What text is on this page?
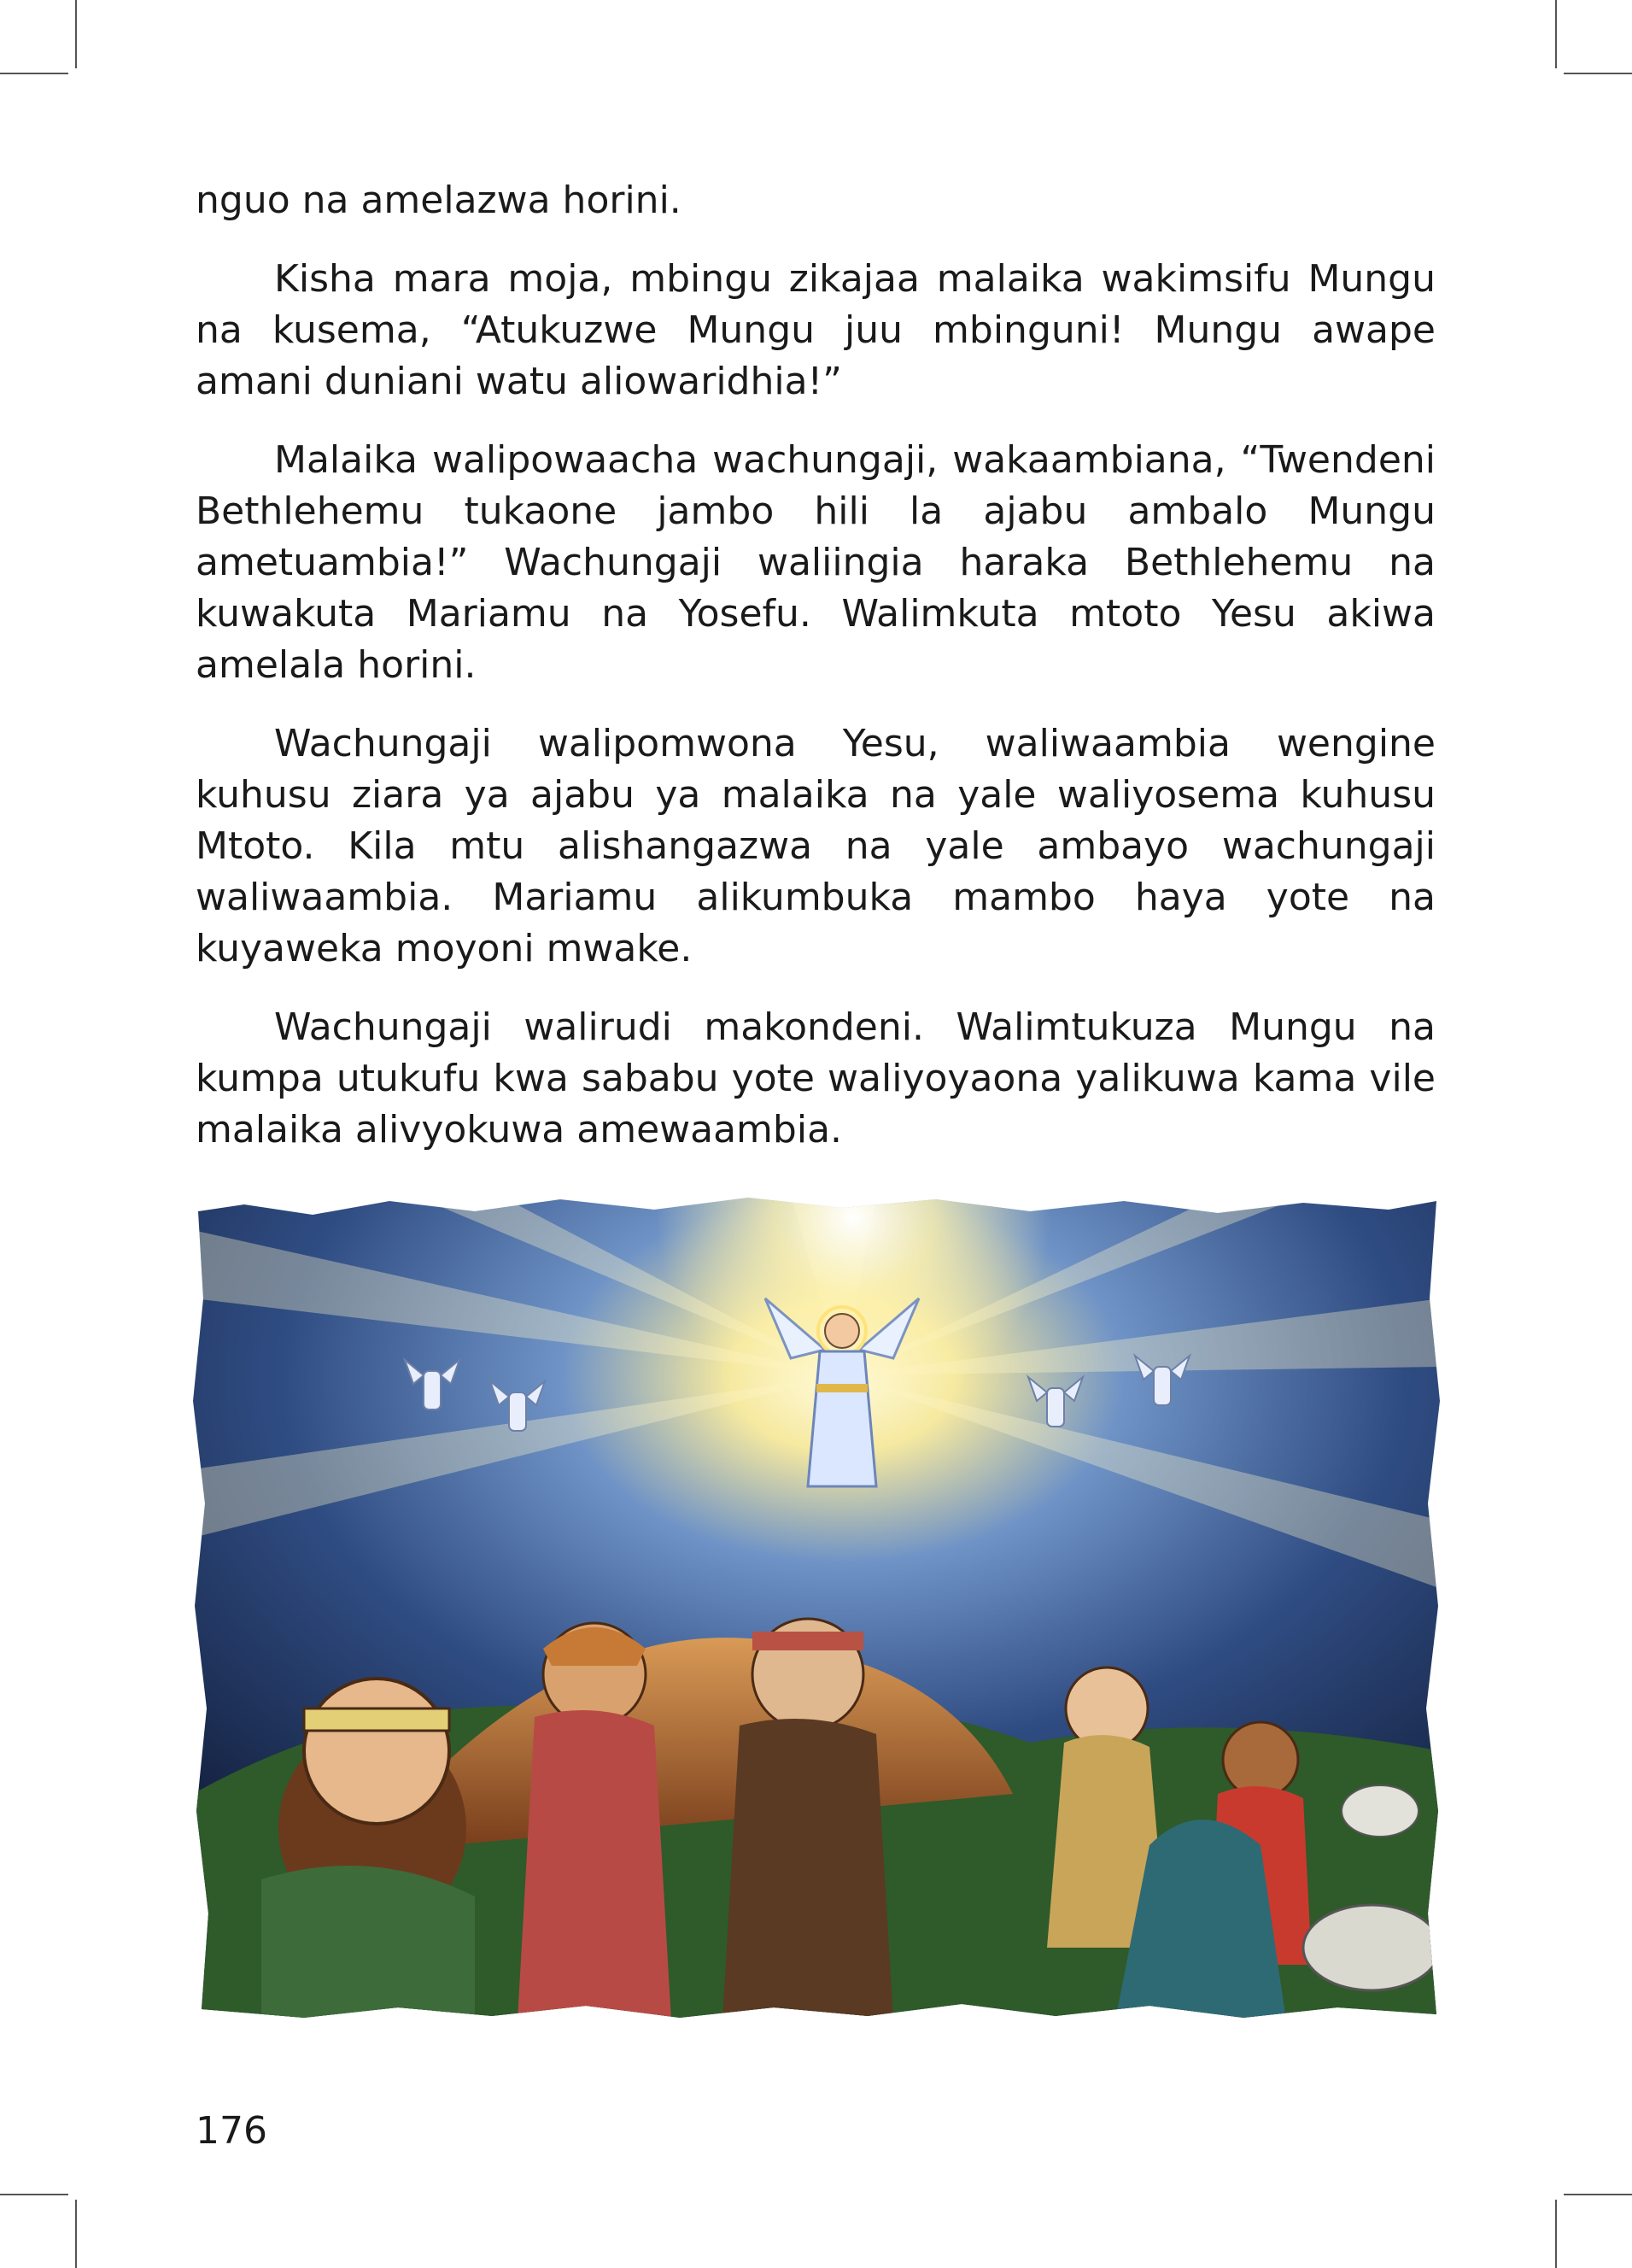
nguo na amelazwa horini.

Kisha mara moja, mbingu zikajaa malaika wakimsifu Mungu na kusema, “Atukuzwe Mungu juu mbinguni! Mungu awape amani duniani watu aliowaridhia!”

Malaika walipowaacha wachungaji, wakaambiana, “Twendeni Bethlehemu tukaone jambo hili la ajabu ambalo Mungu ametuambia!” Wachungaji waliingia haraka Bethlehemu na kuwakuta Mariamu na Yosefu. Walimkuta mtoto Yesu akiwa amelala horini.

Wachungaji walipomwona Yesu, waliwaambia wengine kuhusu ziara ya ajabu ya malaika na yale waliyosema kuhusu Mtoto. Kila mtu alishangazwa na yale ambayo wachungaji waliwaambia. Mariamu alikumbuka mambo haya yote na kuyaweka moyoni mwake.

Wachungaji walirudi makondeni. Walimtukuza Mungu na kumpa utukufu kwa sababu yote waliyoyaona yalikuwa kama vile malaika alivyokuwa amewaambia.

176
